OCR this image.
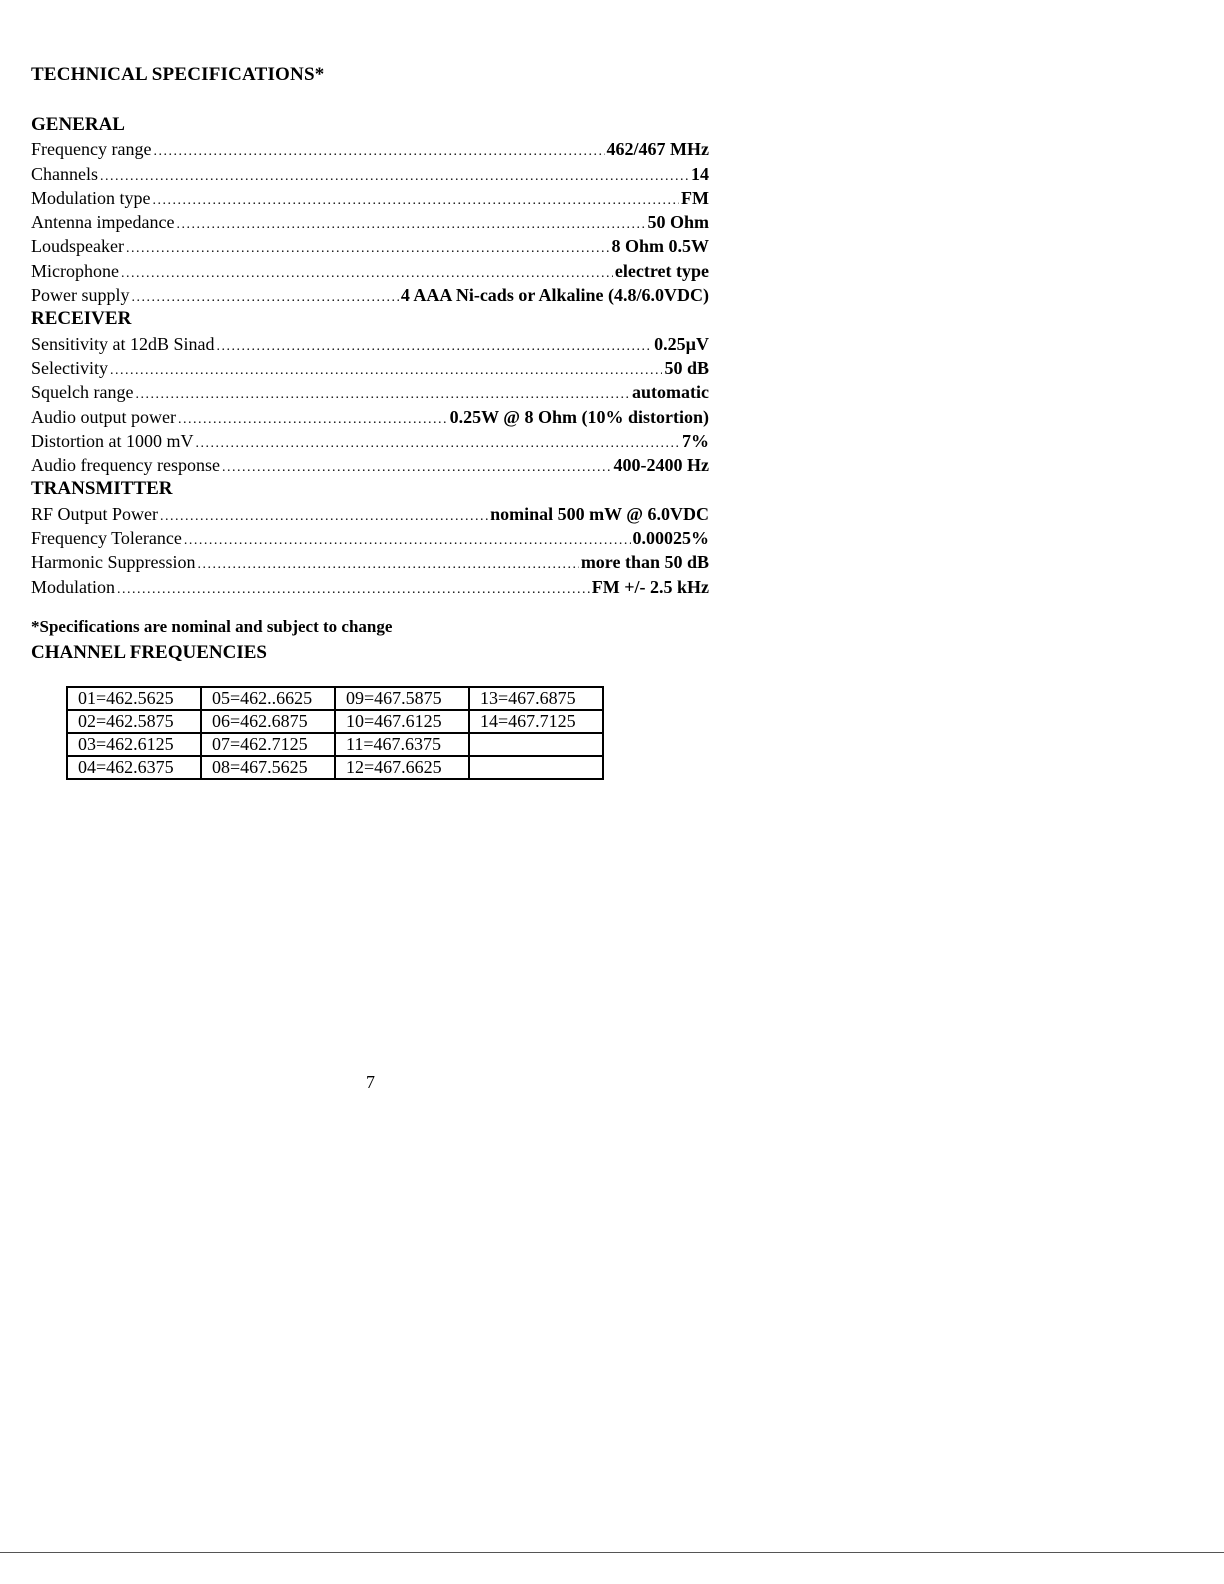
TECHNICAL SPECIFICATIONS*
GENERAL
Frequency range .....	462/467 MHz
Channels .....	14
Modulation type .....	FM
Antenna impedance .....	50 Ohm
Loudspeaker .....	8 Ohm 0.5W
Microphone .....	electret type
Power supply .....	4 AAA Ni-cads or Alkaline (4.8/6.0VDC)
RECEIVER
Sensitivity at 12dB Sinad .....	0.25µV
Selectivity .....	50 dB
Squelch range .....	automatic
Audio output power .....	0.25W @ 8 Ohm (10% distortion)
Distortion at 1000 mV .....	7%
Audio frequency response .....	400-2400 Hz
TRANSMITTER
RF Output Power .....	nominal 500 mW @ 6.0VDC
Frequency Tolerance .....	0.00025%
Harmonic Suppression .....	more than 50 dB
Modulation .....	FM +/- 2.5 kHz
*Specifications are nominal and subject to change
CHANNEL FREQUENCIES
01=462.5625	05=462..6625	09=467.5875	13=467.6875
02=462.5875	06=462.6875	10=467.6125	14=467.7125
03=462.6125	07=462.7125	11=467.6375	
04=462.6375	08=467.5625	12=467.6625	
7
